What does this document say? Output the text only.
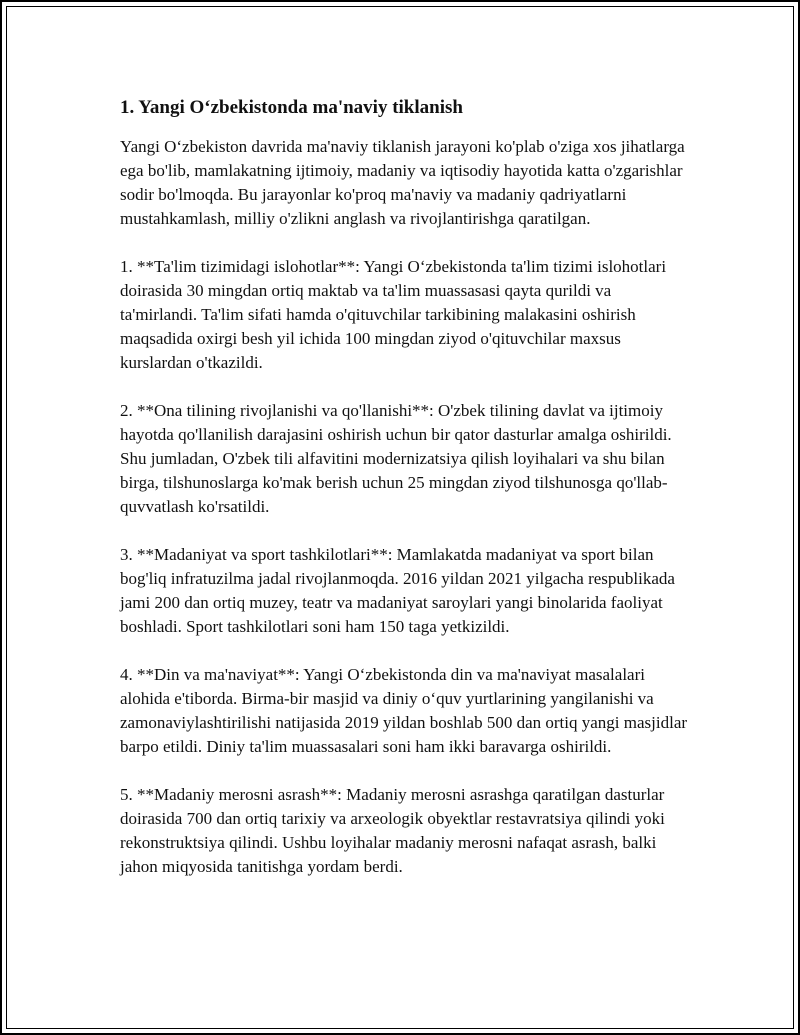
1. Yangi O‘zbekistonda ma'naviy tiklanish

Yangi O‘zbekiston davrida ma'naviy tiklanish jarayoni ko'plab o'ziga xos jihatlarga ega bo'lib, mamlakatning ijtimoiy, madaniy va iqtisodiy hayotida katta o'zgarishlar sodir bo'lmoqda. Bu jarayonlar ko'proq ma'naviy va madaniy qadriyatlarni mustahkamlash, milliy o'zlikni anglash va rivojlantirishga qaratilgan.

1. **Ta'lim tizimidagi islohotlar**: Yangi O‘zbekistonda ta'lim tizimi islohotlari doirasida 30 mingdan ortiq maktab va ta'lim muassasasi qayta qurildi va ta'mirlandi. Ta'lim sifati hamda o'qituvchilar tarkibining malakasini oshirish maqsadida oxirgi besh yil ichida 100 mingdan ziyod o'qituvchilar maxsus kurslardan o'tkazildi.

2. **Ona tilining rivojlanishi va qo'llanishi**: O'zbek tilining davlat va ijtimoiy hayotda qo'llanilish darajasini oshirish uchun bir qator dasturlar amalga oshirildi. Shu jumladan, O'zbek tili alfavitini modernizatsiya qilish loyihalari va shu bilan birga, tilshunoslarga ko'mak berish uchun 25 mingdan ziyod tilshunosga qo'llab-quvvatlash ko'rsatildi.

3. **Madaniyat va sport tashkilotlari**: Mamlakatda madaniyat va sport bilan bog'liq infratuzilma jadal rivojlanmoqda. 2016 yildan 2021 yilgacha respublikada jami 200 dan ortiq muzey, teatr va madaniyat saroylari yangi binolarida faoliyat boshladi. Sport tashkilotlari soni ham 150 taga yetkizildi.

4. **Din va ma'naviyat**: Yangi O‘zbekistonda din va ma'naviyat masalalari alohida e'tiborda. Birma-bir masjid va diniy o‘quv yurtlarining yangilanishi va zamonaviylashtirilishi natijasida 2019 yildan boshlab 500 dan ortiq yangi masjidlar barpo etildi. Diniy ta'lim muassasalari soni ham ikki baravarga oshirildi.

5. **Madaniy merosni asrash**: Madaniy merosni asrashga qaratilgan dasturlar doirasida 700 dan ortiq tarixiy va arxeologik obyektlar restavratsiya qilindi yoki rekonstruktsiya qilindi. Ushbu loyihalar madaniy merosni nafaqat asrash, balki jahon miqyosida tanitishga yordam berdi.
